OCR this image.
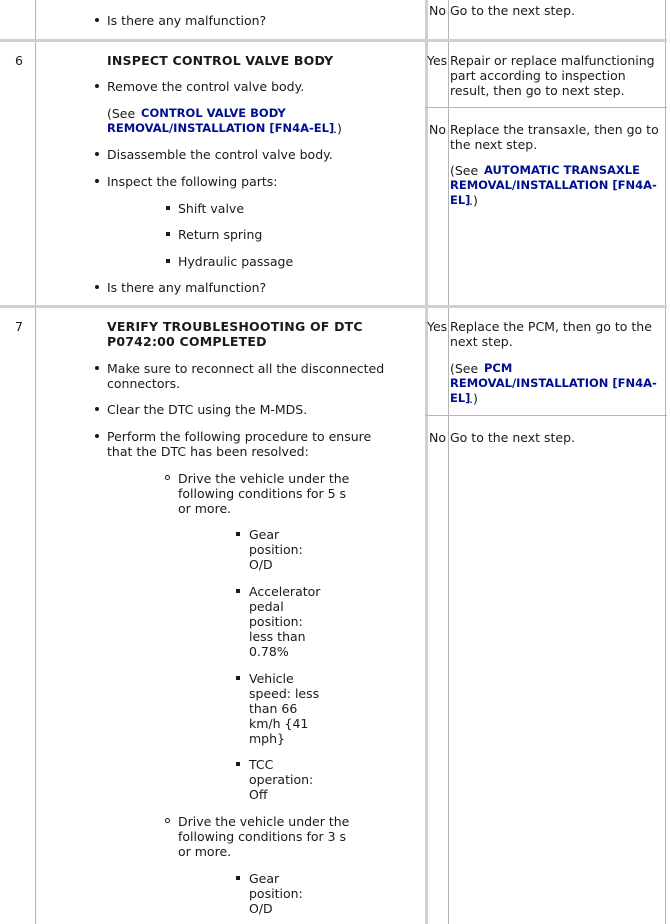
Is there any malfunction?
No Go to the next step.
6	INSPECT CONTROL VALVE BODY
Remove the control valve body.
(See CONTROL VALVE BODY
REMOVAL/INSTALLATION [FN4A-EL]
.)
Disassemble the control valve body.
Inspect the following parts:
Shift valve
Return spring
Hydraulic passage
Is there any malfunction?
Yes Repair or replace malfunctioning
part according to inspection
result, then go to next step.
No Replace the transaxle, then go to
the next step.
(See AUTOMATIC TRANSAXLE
REMOVAL/INSTALLATION [FN4A-
EL]
.)
7	VERIFY TROUBLESHOOTING OF DTC
P0742:00 COMPLETED
Make sure to reconnect all the disconnected
connectors.
Clear the DTC using the M-MDS.
Perform the following procedure to ensure
that the DTC has been resolved:
Drive the vehicle under the
following conditions for 5 s
or more.
Gear
position:
O/D
Accelerator
pedal
position:
less than
0.78%
Vehicle
speed: less
than 66
km/h {41
mph}
TCC
operation:
Off
Drive the vehicle under the
following conditions for 3 s
or more.
Gear
position:
O/D
Yes Replace the PCM, then go to the
next step.
(See PCM
REMOVAL/INSTALLATION [FN4A-
EL]
.)
No Go to the next step.
